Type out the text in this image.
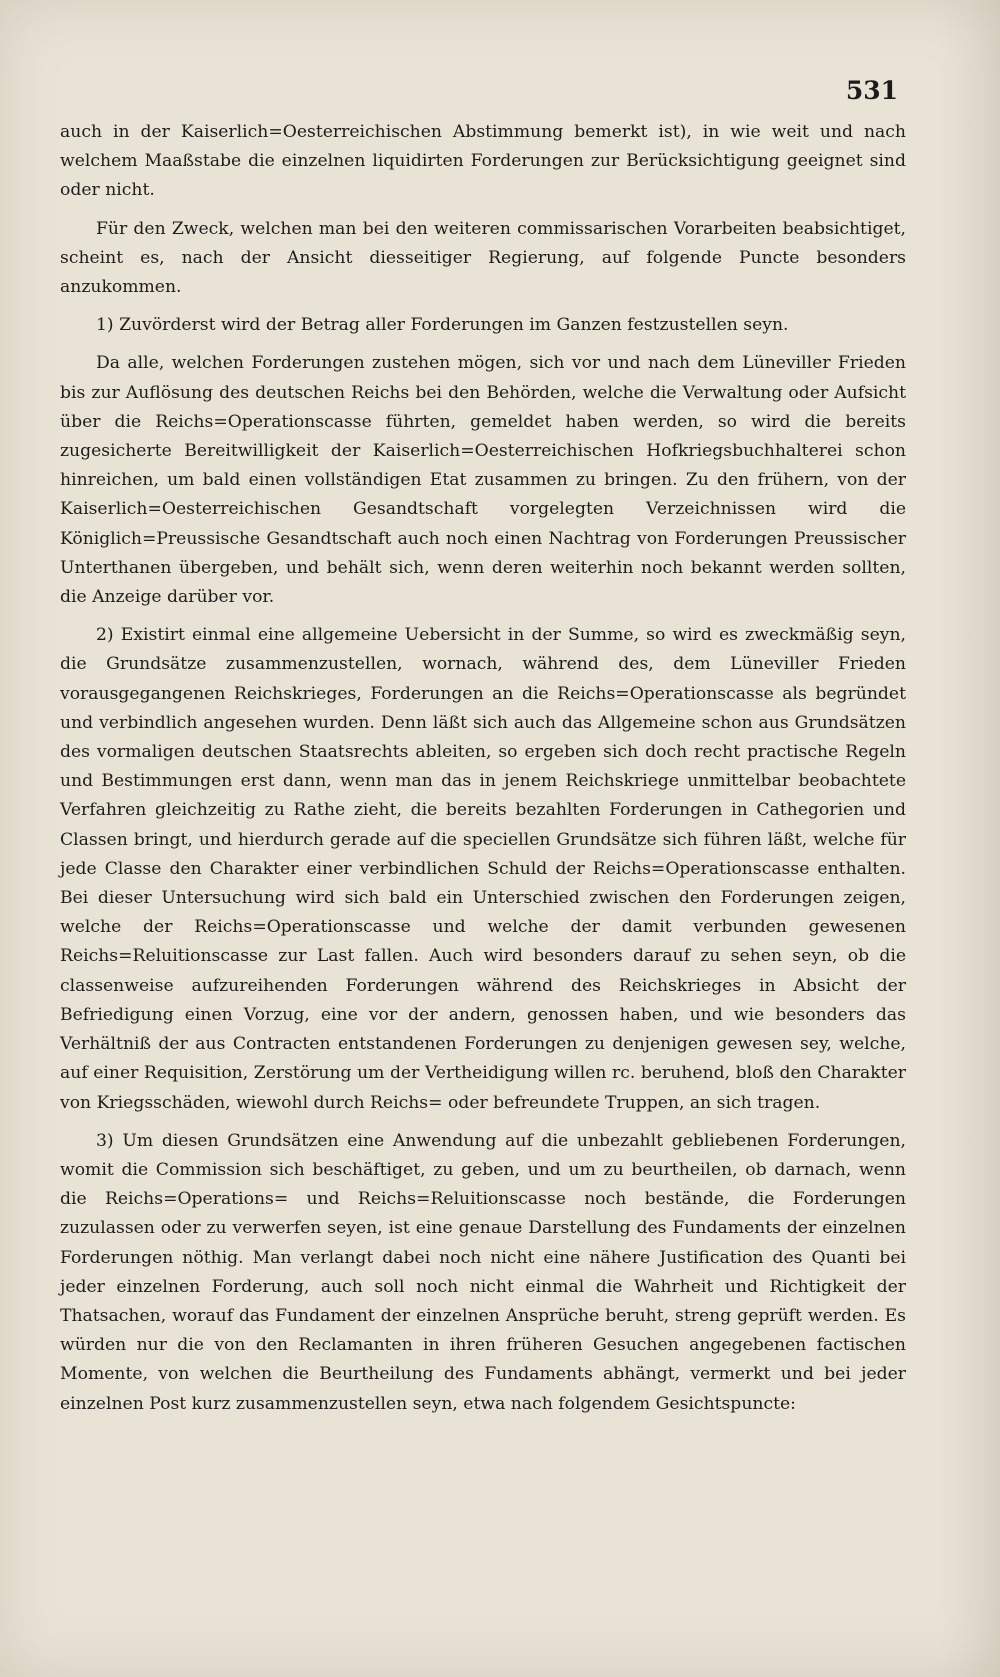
531

auch in der Kaiserlich=Oesterreichischen Abstimmung bemerkt ist), in wie weit und nach welchem Maaßstabe die einzelnen liquidirten Forderungen zur Berücksichtigung geeignet sind oder nicht.

Für den Zweck, welchen man bei den weiteren commissarischen Vorarbeiten beabsichtiget, scheint es, nach der Ansicht diesseitiger Regierung, auf folgende Puncte besonders anzukommen.

1) Zuvörderst wird der Betrag aller Forderungen im Ganzen festzustellen seyn.

Da alle, welchen Forderungen zustehen mögen, sich vor und nach dem Lüneviller Frieden bis zur Auflösung des deutschen Reichs bei den Behörden, welche die Verwaltung oder Aufsicht über die Reichs=Operationscasse führten, gemeldet haben werden, so wird die bereits zugesicherte Bereitwilligkeit der Kaiserlich=Oesterreichischen Hofkriegsbuchhalterei schon hinreichen, um bald einen vollständigen Etat zusammen zu bringen. Zu den frühern, von der Kaiserlich=Oesterreichischen Gesandtschaft vorgelegten Verzeichnissen wird die Königlich=Preussische Gesandtschaft auch noch einen Nachtrag von Forderungen Preussischer Unterthanen übergeben, und behält sich, wenn deren weiterhin noch bekannt werden sollten, die Anzeige darüber vor.

2) Existirt einmal eine allgemeine Uebersicht in der Summe, so wird es zweckmäßig seyn, die Grundsätze zusammenzustellen, wornach, während des, dem Lüneviller Frieden vorausgegangenen Reichskrieges, Forderungen an die Reichs=Operationscasse als begründet und verbindlich angesehen wurden. Denn läßt sich auch das Allgemeine schon aus Grundsätzen des vormaligen deutschen Staatsrechts ableiten, so ergeben sich doch recht practische Regeln und Bestimmungen erst dann, wenn man das in jenem Reichskriege unmittelbar beobachtete Verfahren gleichzeitig zu Rathe zieht, die bereits bezahlten Forderungen in Cathegorien und Classen bringt, und hierdurch gerade auf die speciellen Grundsätze sich führen läßt, welche für jede Classe den Charakter einer verbindlichen Schuld der Reichs=Operationscasse enthalten. Bei dieser Untersuchung wird sich bald ein Unterschied zwischen den Forderungen zeigen, welche der Reichs=Operationscasse und welche der damit verbunden gewesenen Reichs=Reluitionscasse zur Last fallen. Auch wird besonders darauf zu sehen seyn, ob die classenweise aufzureihenden Forderungen während des Reichskrieges in Absicht der Befriedigung einen Vorzug, eine vor der andern, genossen haben, und wie besonders das Verhältniß der aus Contracten entstandenen Forderungen zu denjenigen gewesen sey, welche, auf einer Requisition, Zerstörung um der Vertheidigung willen rc. beruhend, bloß den Charakter von Kriegsschäden, wiewohl durch Reichs= oder befreundete Truppen, an sich tragen.

3) Um diesen Grundsätzen eine Anwendung auf die unbezahlt gebliebenen Forderungen, womit die Commission sich beschäftiget, zu geben, und um zu beurtheilen, ob darnach, wenn die Reichs=Operations= und Reichs=Reluitionscasse noch bestände, die Forderungen zuzulassen oder zu verwerfen seyen, ist eine genaue Darstellung des Fundaments der einzelnen Forderungen nöthig. Man verlangt dabei noch nicht eine nähere Justification des Quanti bei jeder einzelnen Forderung, auch soll noch nicht einmal die Wahrheit und Richtigkeit der Thatsachen, worauf das Fundament der einzelnen Ansprüche beruht, streng geprüft werden. Es würden nur die von den Reclamanten in ihren früheren Gesuchen angegebenen factischen Momente, von welchen die Beurtheilung des Fundaments abhängt, vermerkt und bei jeder einzelnen Post kurz zusammenzustellen seyn, etwa nach folgendem Gesichtspuncte:
